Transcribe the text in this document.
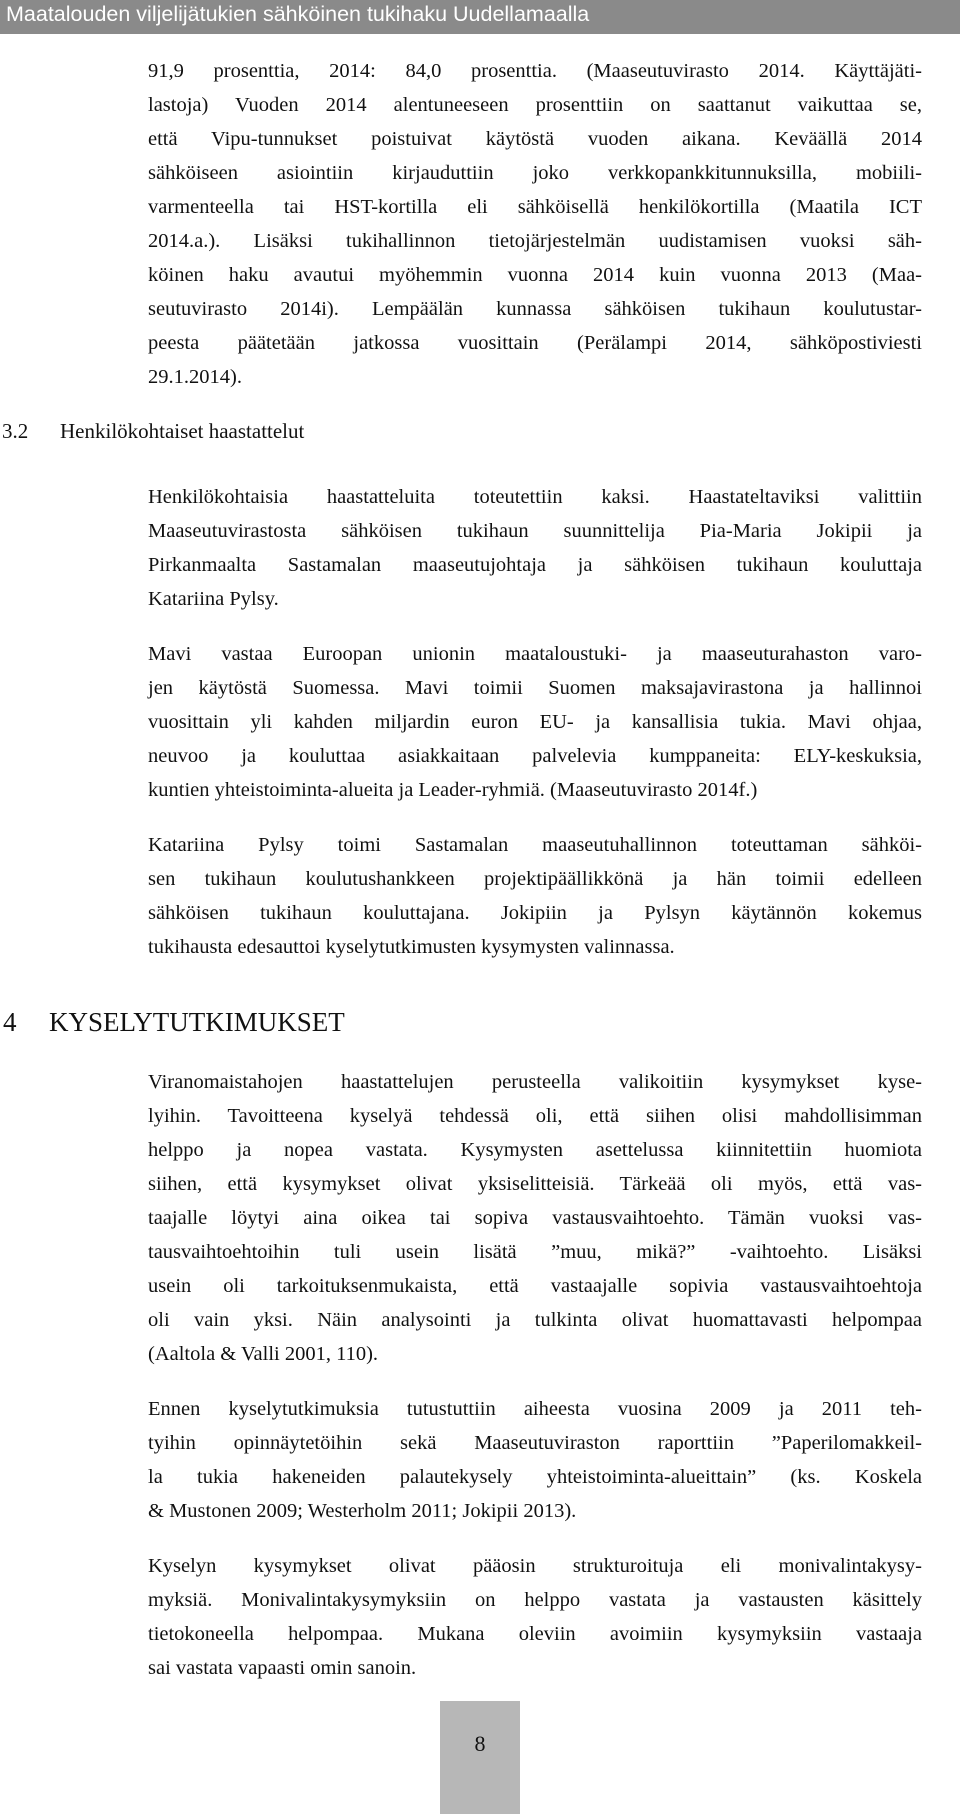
Maatalouden viljelijätukien sähköinen tukihaku Uudellamaalla
91,9 prosenttia, 2014: 84,0 prosenttia. (Maaseutuvirasto 2014. Käyttäjäti-
lastoja) Vuoden 2014 alentuneeseen prosenttiin on saattanut vaikuttaa se,
että Vipu-tunnukset poistuivat käytöstä vuoden aikana. Keväällä 2014
sähköiseen asiointiin kirjauduttiin joko verkkopankkitunnuksilla, mobiili-
varmenteella tai HST-kortilla eli sähköisellä henkilökortilla (Maatila ICT
2014.a.). Lisäksi tukihallinnon tietojärjestelmän uudistamisen vuoksi säh-
köinen haku avautui myöhemmin vuonna 2014 kuin vuonna 2013 (Maa-
seutuvirasto 2014i). Lempäälän kunnassa sähköisen tukihaun koulutustar-
peesta päätetään jatkossa vuosittain (Perälampi 2014, sähköpostiviesti
29.1.2014).
3.2 Henkilökohtaiset haastattelut
Henkilökohtaisia haastatteluita toteutettiin kaksi. Haastateltaviksi valittiin
Maaseutuvirastosta sähköisen tukihaun suunnittelija Pia-Maria Jokipii ja
Pirkanmaalta Sastamalan maaseutujohtaja ja sähköisen tukihaun kouluttaja
Katariina Pylsy.
Mavi vastaa Euroopan unionin maataloustuki- ja maaseuturahaston varo-
jen käytöstä Suomessa. Mavi toimii Suomen maksajavirastona ja hallinnoi
vuosittain yli kahden miljardin euron EU- ja kansallisia tukia. Mavi ohjaa,
neuvoo ja kouluttaa asiakkaitaan palvelevia kumppaneita: ELY-keskuksia,
kuntien yhteistoiminta-alueita ja Leader-ryhmiä. (Maaseutuvirasto 2014f.)
Katariina Pylsy toimi Sastamalan maaseutuhallinnon toteuttaman sähköi-
sen tukihaun koulutushankkeen projektipäällikkönä ja hän toimii edelleen
sähköisen tukihaun kouluttajana. Jokipiin ja Pylsyn käytännön kokemus
tukihausta edesauttoi kyselytutkimusten kysymysten valinnassa.
4 KYSELYTUTKIMUKSET
Viranomaistahojen haastattelujen perusteella valikoitiin kysymykset kyse-
lyihin. Tavoitteena kyselyä tehdessä oli, että siihen olisi mahdollisimman
helppo ja nopea vastata. Kysymysten asettelussa kiinnitettiin huomiota
siihen, että kysymykset olivat yksiselitteisiä. Tärkeää oli myös, että vas-
taajalle löytyi aina oikea tai sopiva vastausvaihtoehto. Tämän vuoksi vas-
tausvaihtoehtoihin tuli usein lisätä ”muu, mikä?” -vaihtoehto. Lisäksi
usein oli tarkoituksenmukaista, että vastaajalle sopivia vastausvaihtoehtoja
oli vain yksi. Näin analysointi ja tulkinta olivat huomattavasti helpompaa
(Aaltola & Valli 2001, 110).
Ennen kyselytutkimuksia tutustuttiin aiheesta vuosina 2009 ja 2011 teh-
tyihin opinnäytetöihin sekä Maaseutuviraston raporttiin ”Paperilomakkeil-
la tukia hakeneiden palautekysely yhteistoiminta-alueittain” (ks. Koskela
& Mustonen 2009; Westerholm 2011; Jokipii 2013).
Kyselyn kysymykset olivat pääosin strukturoituja eli monivalintakysy-
myksiä. Monivalintakysymyksiin on helppo vastata ja vastausten käsittely
tietokoneella helpompaa. Mukana oleviin avoimiin kysymyksiin vastaaja
sai vastata vapaasti omin sanoin.
8
